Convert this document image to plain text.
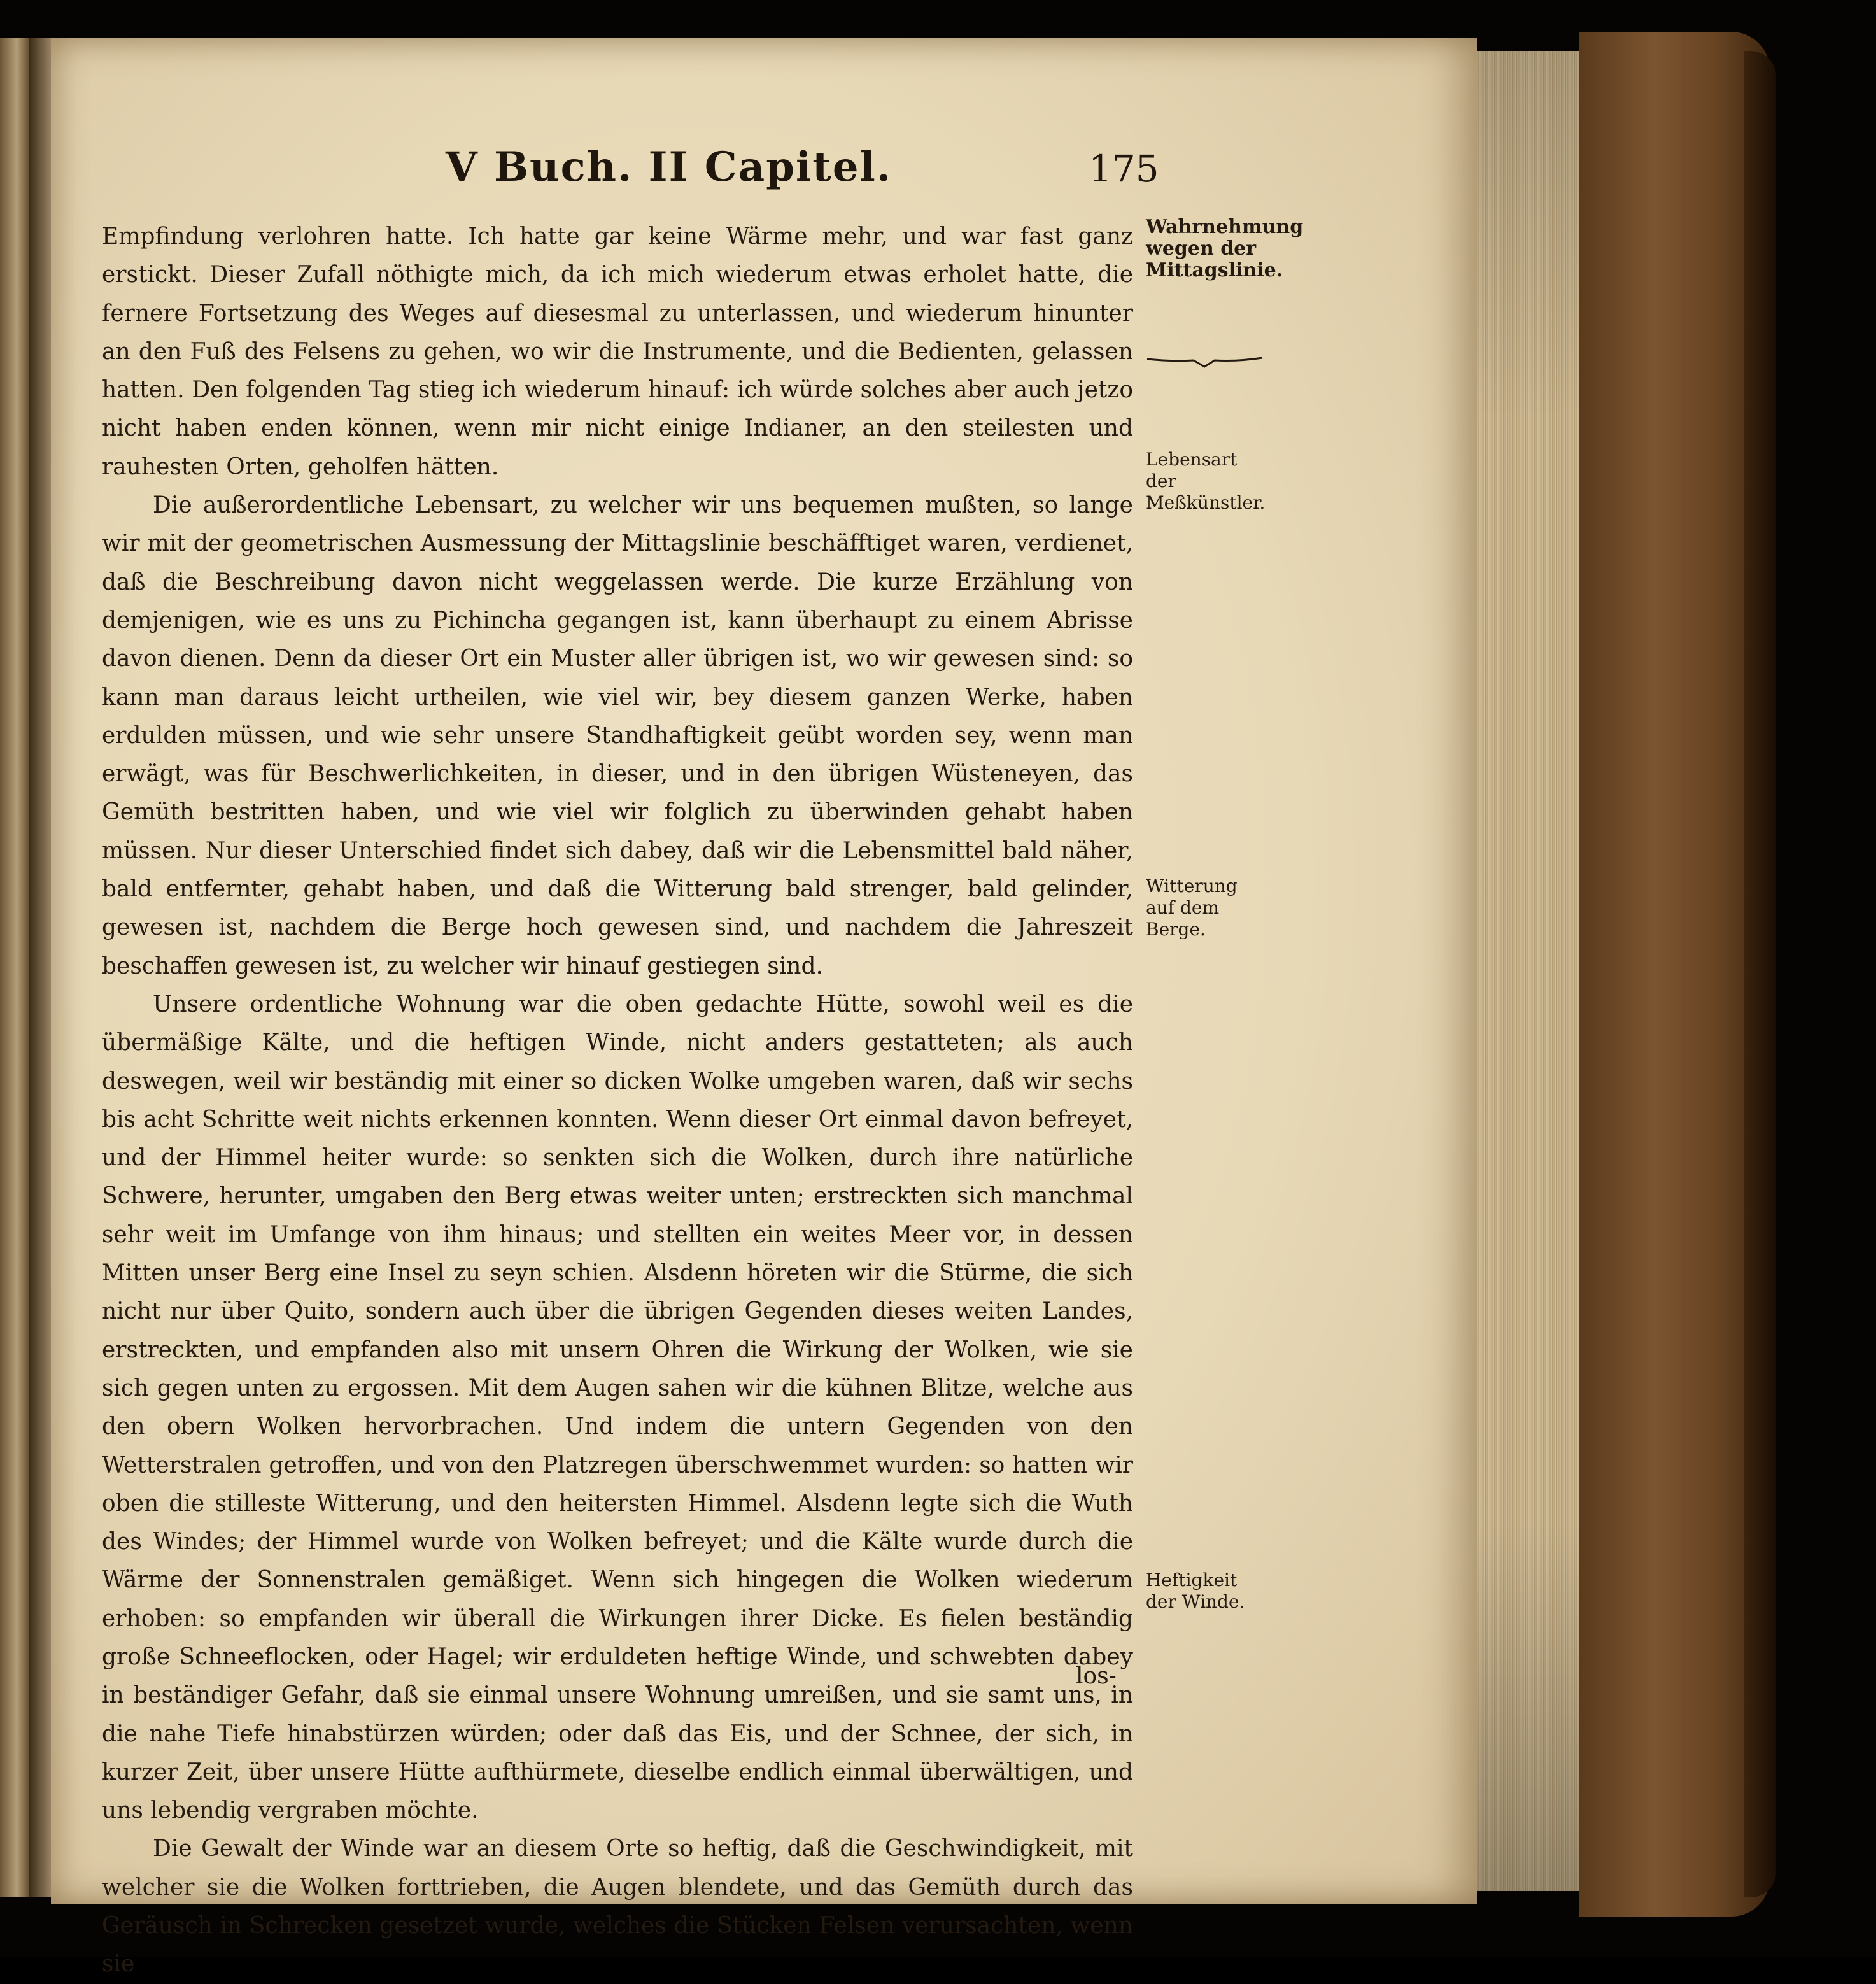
V Buch. II Capitel.	175

Empfindung verlohren hatte. Ich hatte gar keine Wärme mehr, und war fast ganz erstickt. Dieser Zufall nöthigte mich, da ich mich wiederum etwas erholet hatte, die fernere Fortsetzung des Weges auf diesesmal zu unterlassen, und wiederum hinunter an den Fuß des Felsens zu gehen, wo wir die Instrumente, und die Bedienten, gelassen hatten. Den folgenden Tag stieg ich wiederum hinauf: ich würde solches aber auch jetzo nicht haben enden können, wenn mir nicht einige Indianer, an den steilesten und rauhesten Orten, geholfen hätten.

Die außerordentliche Lebensart, zu welcher wir uns bequemen mußten, so lange wir mit der geometrischen Ausmessung der Mittagslinie beschäfftiget waren, verdienet, daß die Beschreibung davon nicht weggelassen werde. Die kurze Erzählung von demjenigen, wie es uns zu Pichincha gegangen ist, kann überhaupt zu einem Abrisse davon dienen. Denn da dieser Ort ein Muster aller übrigen ist, wo wir gewesen sind: so kann man daraus leicht urtheilen, wie viel wir, bey diesem ganzen Werke, haben erdulden müssen, und wie sehr unsere Standhaftigkeit geübt worden sey, wenn man erwägt, was für Beschwerlichkeiten, in dieser, und in den übrigen Wüsteneyen, das Gemüth bestritten haben, und wie viel wir folglich zu überwinden gehabt haben müssen. Nur dieser Unterschied findet sich dabey, daß wir die Lebensmittel bald näher, bald entfernter, gehabt haben, und daß die Witterung bald strenger, bald gelinder, gewesen ist, nachdem die Berge hoch gewesen sind, und nachdem die Jahreszeit beschaffen gewesen ist, zu welcher wir hinauf gestiegen sind.

Unsere ordentliche Wohnung war die oben gedachte Hütte, sowohl weil es die übermäßige Kälte, und die heftigen Winde, nicht anders gestatteten; als auch deswegen, weil wir beständig mit einer so dicken Wolke umgeben waren, daß wir sechs bis acht Schritte weit nichts erkennen konnten. Wenn dieser Ort einmal davon befreyet, und der Himmel heiter wurde: so senkten sich die Wolken, durch ihre natürliche Schwere, herunter, umgaben den Berg etwas weiter unten; erstreckten sich manchmal sehr weit im Umfange von ihm hinaus; und stellten ein weites Meer vor, in dessen Mitten unser Berg eine Insel zu seyn schien. Alsdenn höreten wir die Stürme, die sich nicht nur über Quito, sondern auch über die übrigen Gegenden dieses weiten Landes, erstreckten, und empfanden also mit unsern Ohren die Wirkung der Wolken, wie sie sich gegen unten zu ergossen. Mit dem Augen sahen wir die kühnen Blitze, welche aus den obern Wolken hervorbrachen. Und indem die untern Gegenden von den Wetterstralen getroffen, und von den Platzregen überschwemmet wurden: so hatten wir oben die stilleste Witterung, und den heitersten Himmel. Alsdenn legte sich die Wuth des Windes; der Himmel wurde von Wolken befreyet; und die Kälte wurde durch die Wärme der Sonnenstralen gemäßiget. Wenn sich hingegen die Wolken wiederum erhoben: so empfanden wir überall die Wirkungen ihrer Dicke. Es fielen beständig große Schneeflocken, oder Hagel; wir erduldeten heftige Winde, und schwebten dabey in beständiger Gefahr, daß sie einmal unsere Wohnung umreißen, und sie samt uns, in die nahe Tiefe hinabstürzen würden; oder daß das Eis, und der Schnee, der sich, in kurzer Zeit, über unsere Hütte aufthürmete, dieselbe endlich einmal überwältigen, und uns lebendig vergraben möchte.

Die Gewalt der Winde war an diesem Orte so heftig, daß die Geschwindigkeit, mit welcher sie die Wolken forttrieben, die Augen blendete, und das Gemüth durch das Geräusch in Schrecken gesetzet wurde, welches die Stücken Felsen verursachten, wenn sie

los-
Wahrnehmung wegen der Mittagslinie.
Lebensart der Meßkünstler.
Witterung auf dem Berge.
Heftigkeit der Winde.
